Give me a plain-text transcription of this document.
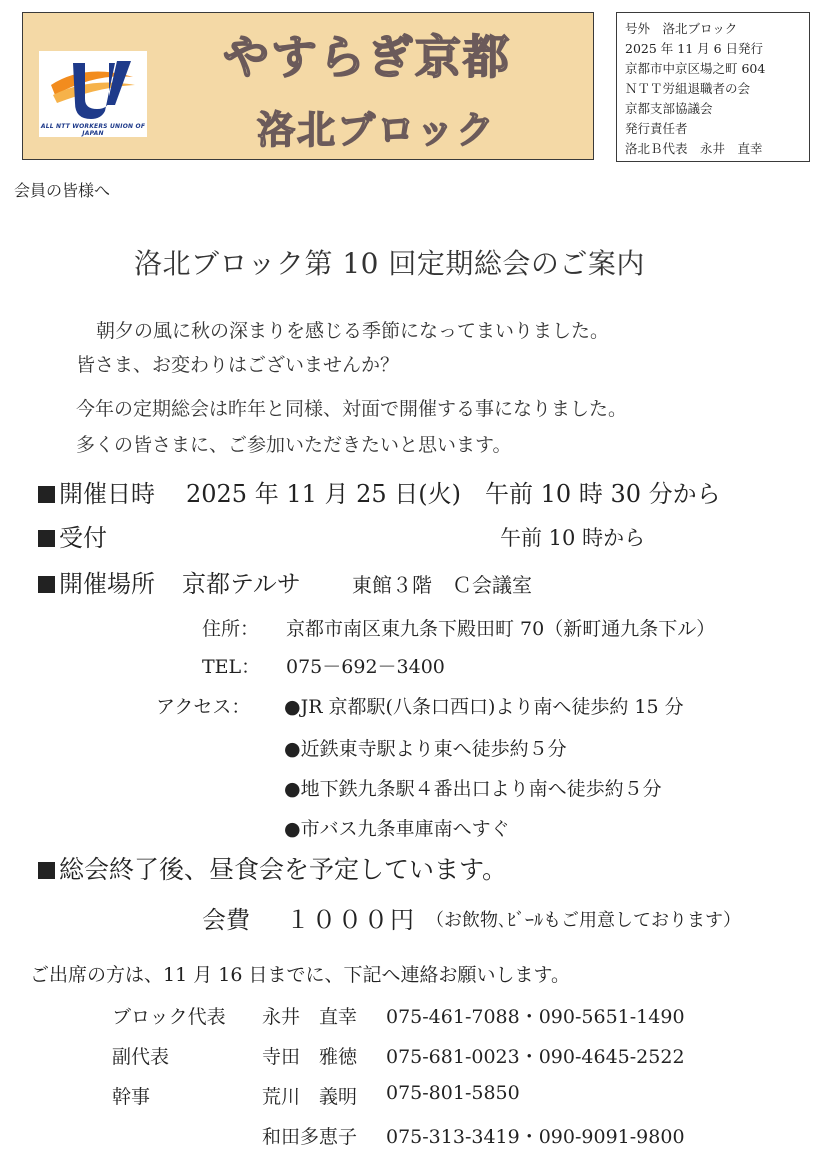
ALL NTT WORKERS UNION OF JAPAN
やすらぎ京都
洛北ブロック
号外　洛北ブロック
2025 年 11 月 6 日発行
京都市中京区場之町 604
ＮＴＴ労組退職者の会
京都支部協議会
発行責任者
洛北Ｂ代表　永井　直幸
会員の皆様へ
洛北ブロック第 10 回定期総会のご案内
朝夕の風に秋の深まりを感じる季節になってまいりました。
皆さま、お変わりはございませんか？
今年の定期総会は昨年と同様、対面で開催する事になりました。
多くの皆さまに、ご参加いただきたいと思います。
開催日時 2025 年 11 月 25 日(火)　午前 10 時 30 分から
受付	午前 10 時から
開催場所 京都テルサ	東館３階　Ｃ会議室
住所： 京都市南区東九条下殿田町 70（新町通九条下ル）
TEL： 075－692－3400
アクセス： ●JR 京都駅(八条口西口)より南へ徒歩約 15 分
●近鉄東寺駅より東へ徒歩約５分
●地下鉄九条駅４番出口より南へ徒歩約５分
●市バス九条車庫南へすぐ
総会終了後、昼食会を予定しています。
会費 １０００円 （お飲物､ﾋﾞｰﾙもご用意しております）
ご出席の方は、11 月 16 日までに、下記へ連絡お願いします。
ブロック代表 永井　直幸 075-461-7088・090-5651-1490
副代表	寺田　雅徳 075-681-0023・090-4645-2522
幹事	荒川　義明 075-801-5850
和田多恵子 075-313-3419・090-9091-9800
